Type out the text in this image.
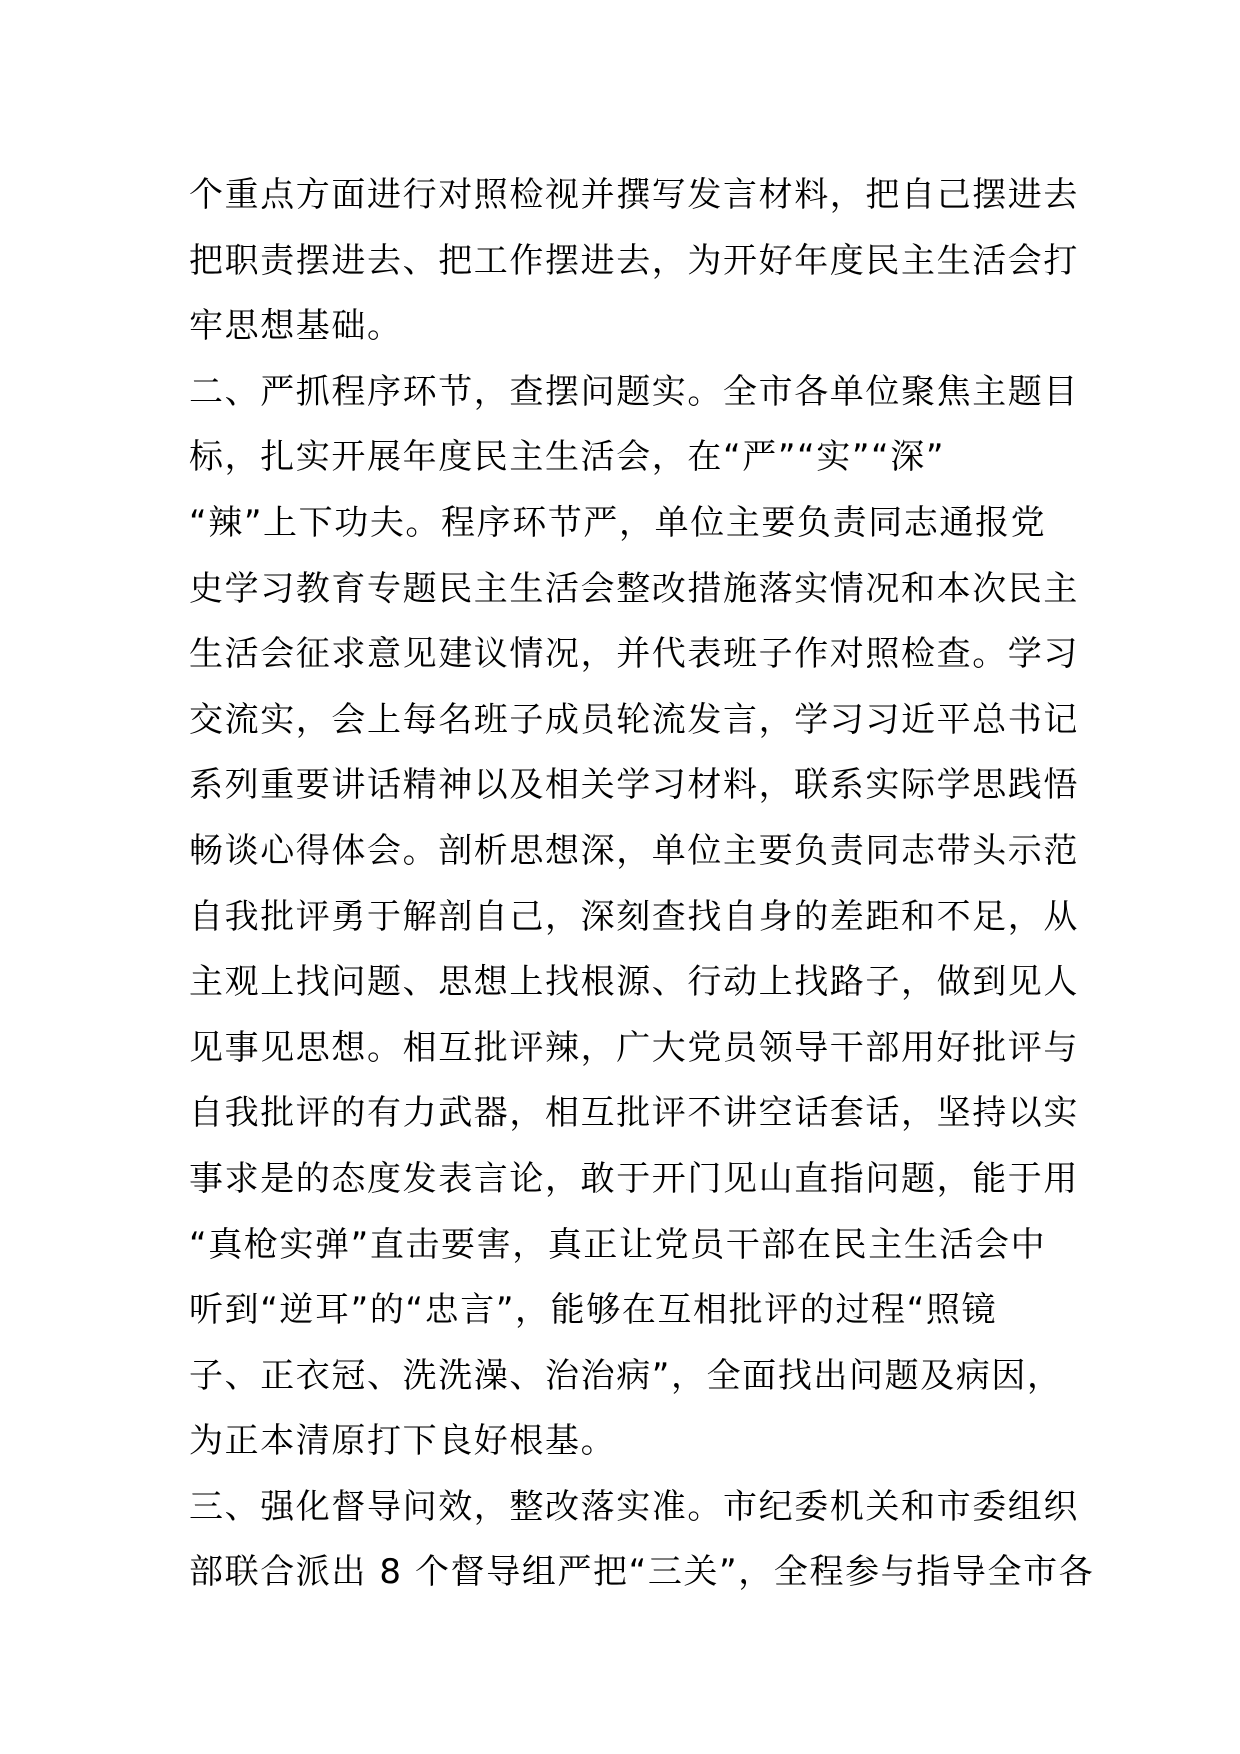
个重点方面进行对照检视并撰写发言材料，把自己摆进去
把职责摆进去、把工作摆进去，为开好年度民主生活会打
牢思想基础。
二、严抓程序环节，查摆问题实。全市各单位聚焦主题目
标，扎实开展年度民主生活会，在“严”“实”“深”
“辣”上下功夫。程序环节严，单位主要负责同志通报党
史学习教育专题民主生活会整改措施落实情况和本次民主
生活会征求意见建议情况，并代表班子作对照检查。学习
交流实，会上每名班子成员轮流发言，学习习近平总书记
系列重要讲话精神以及相关学习材料，联系实际学思践悟
畅谈心得体会。剖析思想深，单位主要负责同志带头示范
自我批评勇于解剖自己，深刻查找自身的差距和不足，从
主观上找问题、思想上找根源、行动上找路子，做到见人
见事见思想。相互批评辣，广大党员领导干部用好批评与
自我批评的有力武器，相互批评不讲空话套话，坚持以实
事求是的态度发表言论，敢于开门见山直指问题，能于用
“真枪实弹”直击要害，真正让党员干部在民主生活会中
听到“逆耳”的“忠言”，能够在互相批评的过程“照镜
子、正衣冠、洗洗澡、治治病”，全面找出问题及病因，
为正本清原打下良好根基。
三、强化督导问效，整改落实准。市纪委机关和市委组织
部联合派出 8 个督导组严把“三关”，全程参与指导全市各
